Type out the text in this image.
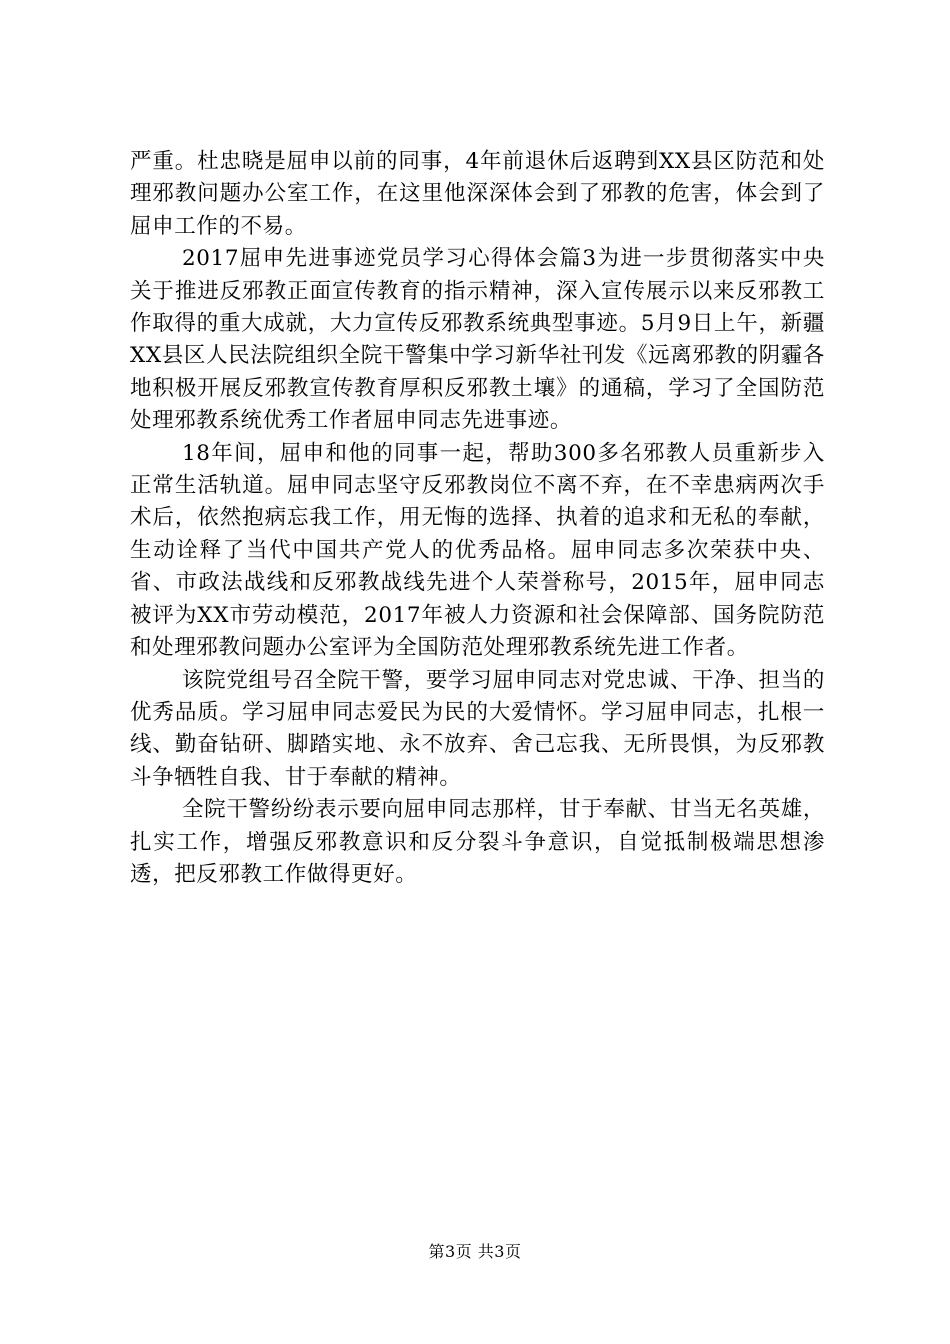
严重。杜忠晓是屈申以前的同事，4年前退休后返聘到XX县区防范和处理邪教问题办公室工作，在这里他深深体会到了邪教的危害，体会到了屈申工作的不易。

2017屈申先进事迹党员学习心得体会篇3为进一步贯彻落实中央关于推进反邪教正面宣传教育的指示精神，深入宣传展示以来反邪教工作取得的重大成就，大力宣传反邪教系统典型事迹。5月9日上午，新疆XX县区人民法院组织全院干警集中学习新华社刊发《远离邪教的阴霾各地积极开展反邪教宣传教育厚积反邪教土壤》的通稿，学习了全国防范处理邪教系统优秀工作者屈申同志先进事迹。

18年间，屈申和他的同事一起，帮助300多名邪教人员重新步入正常生活轨道。屈申同志坚守反邪教岗位不离不弃，在不幸患病两次手术后，依然抱病忘我工作，用无悔的选择、执着的追求和无私的奉献，生动诠释了当代中国共产党人的优秀品格。屈申同志多次荣获中央、省、市政法战线和反邪教战线先进个人荣誉称号，2015年，屈申同志被评为XX市劳动模范，2017年被人力资源和社会保障部、国务院防范和处理邪教问题办公室评为全国防范处理邪教系统先进工作者。

该院党组号召全院干警，要学习屈申同志对党忠诚、干净、担当的优秀品质。学习屈申同志爱民为民的大爱情怀。学习屈申同志，扎根一线、勤奋钻研、脚踏实地、永不放弃、舍己忘我、无所畏惧，为反邪教斗争牺牲自我、甘于奉献的精神。

全院干警纷纷表示要向屈申同志那样，甘于奉献、甘当无名英雄，扎实工作，增强反邪教意识和反分裂斗争意识，自觉抵制极端思想渗透，把反邪教工作做得更好。

第3页 共3页
